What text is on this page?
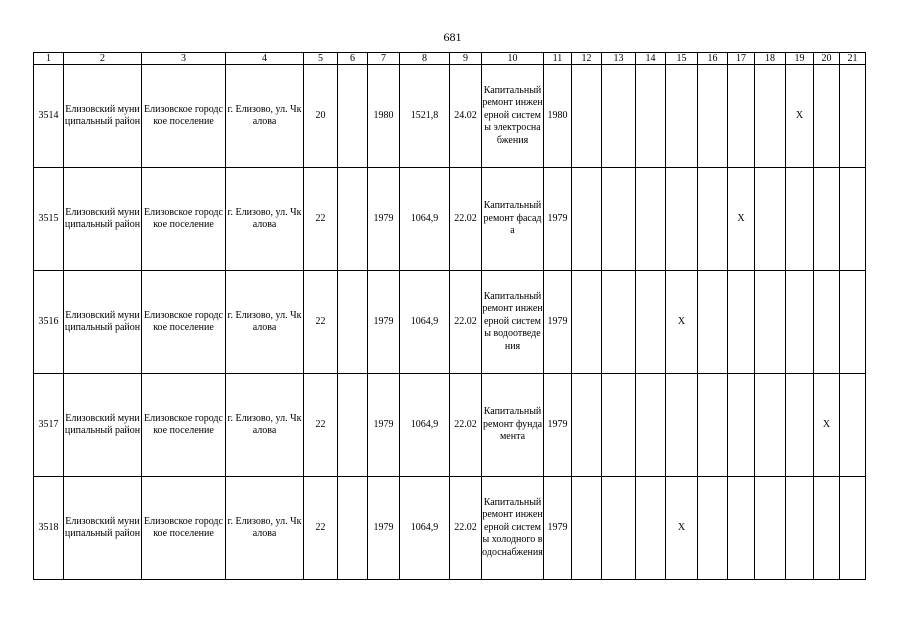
681
1	2	3	4	5	6	7	8	9	10	11	12	13	14	15	16	17	18	19	20	21
3514	Елизовский муниципальный район	Елизовское городское поселение	г. Елизово, ул. Чкалова	20		1980	1521,8	24.02	Капитальный ремонт инженерной системы электроснабжения	1980								X		
3515	Елизовский муниципальный район	Елизовское городское поселение	г. Елизово, ул. Чкалова	22		1979	1064,9	22.02	Капитальный ремонт фасада	1979						X				
3516	Елизовский муниципальный район	Елизовское городское поселение	г. Елизово, ул. Чкалова	22		1979	1064,9	22.02	Капитальный ремонт инженерной системы водоотведения	1979				X						
3517	Елизовский муниципальный район	Елизовское городское поселение	г. Елизово, ул. Чкалова	22		1979	1064,9	22.02	Капитальный ремонт фундамента	1979									X	
3518	Елизовский муниципальный район	Елизовское городское поселение	г. Елизово, ул. Чкалова	22		1979	1064,9	22.02	Капитальный ремонт инженерной системы холодного водоснабжения	1979				X						
